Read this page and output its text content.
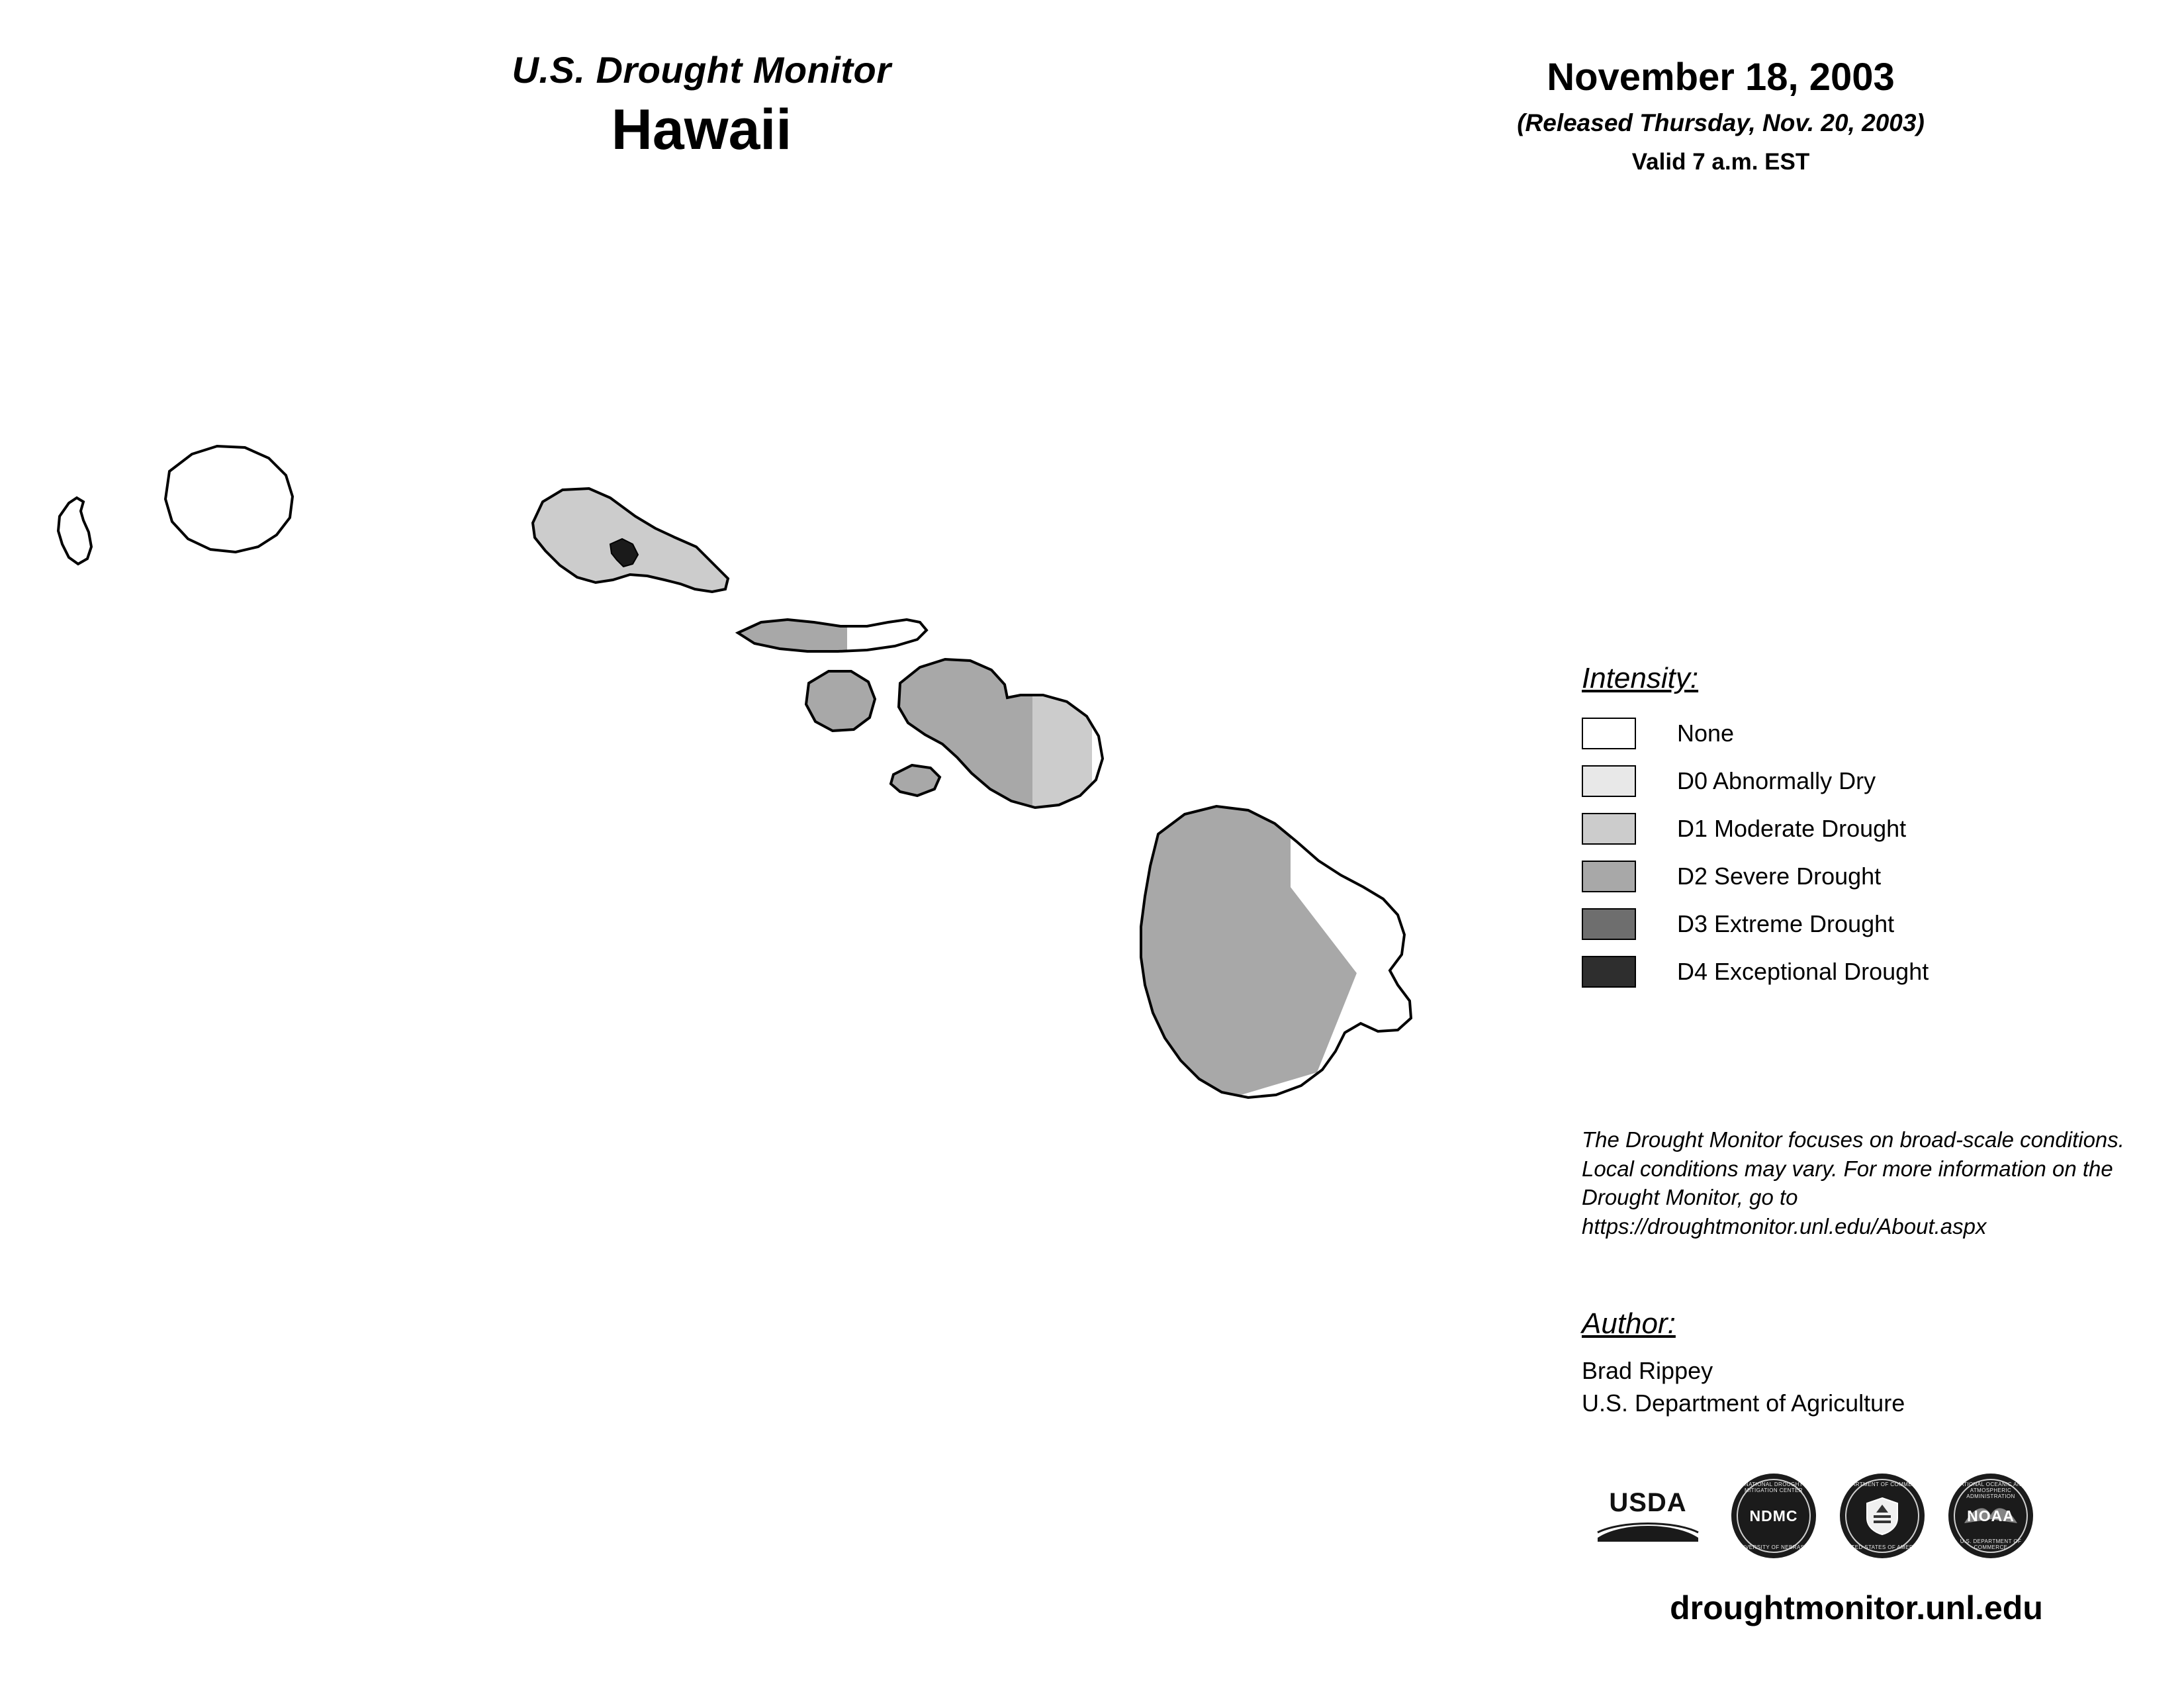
U.S. Drought Monitor
Hawaii
November 18, 2003
(Released Thursday, Nov. 20, 2003)
Valid 7 a.m. EST
Intensity:
None
D0 Abnormally Dry
D1 Moderate Drought
D2 Severe Drought
D3 Extreme Drought
D4 Exceptional Drought
The Drought Monitor focuses on broad-scale conditions. Local conditions may vary. For more information on the Drought Monitor, go to https://droughtmonitor.unl.edu/About.aspx
Author:
Brad Rippey
U.S. Department of Agriculture
USDA
NATIONAL DROUGHT MITIGATION CENTER
NDMC
UNIVERSITY OF NEBRASKA
DEPARTMENT OF COMMERCE
UNITED STATES OF AMERICA
NATIONAL OCEANIC AND ATMOSPHERIC ADMINISTRATION
NOAA
U.S. DEPARTMENT OF COMMERCE
droughtmonitor.unl.edu
